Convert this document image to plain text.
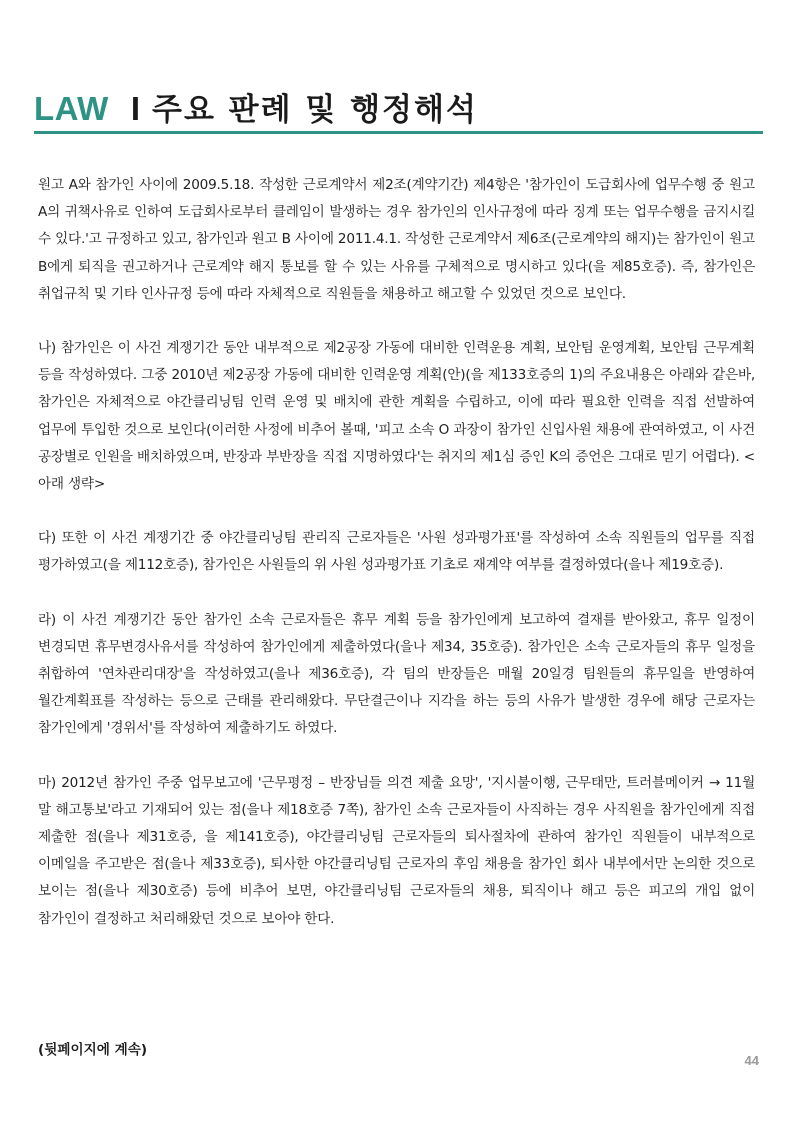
LAW I 주요 판례 및 행정해석

원고 A와 참가인 사이에 2009.5.18. 작성한 근로계약서 제2조(계약기간) 제4항은 '참가인이 도급회사에 업무수행 중 원고 A의 귀책사유로 인하여 도급회사로부터 클레임이 발생하는 경우 참가인의 인사규정에 따라 징계 또는 업무수행을 금지시킬 수 있다.'고 규정하고 있고, 참가인과 원고 B 사이에 2011.4.1. 작성한 근로계약서 제6조(근로계약의 해지)는 참가인이 원고 B에게 퇴직을 권고하거나 근로계약 해지 통보를 할 수 있는 사유를 구체적으로 명시하고 있다(을 제85호증). 즉, 참가인은 취업규칙 및 기타 인사규정 등에 따라 자체적으로 직원들을 채용하고 해고할 수 있었던 것으로 보인다.

나) 참가인은 이 사건 계쟁기간 동안 내부적으로 제2공장 가동에 대비한 인력운용 계획, 보안팀 운영계획, 보안팀 근무계획 등을 작성하였다. 그중 2010년 제2공장 가동에 대비한 인력운영 계획(안)(을 제133호증의 1)의 주요내용은 아래와 같은바, 참가인은 자체적으로 야간클리닝팀 인력 운영 및 배치에 관한 계획을 수립하고, 이에 따라 필요한 인력을 직접 선발하여 업무에 투입한 것으로 보인다(이러한 사정에 비추어 볼때, '피고 소속 O 과장이 참가인 신입사원 채용에 관여하였고, 이 사건 공장별로 인원을 배치하였으며, 반장과 부반장을 직접 지명하였다'는 취지의 제1심 증인 K의 증언은 그대로 믿기 어렵다). <아래 생략>

다) 또한 이 사건 계쟁기간 중 야간클리닝팀 관리직 근로자들은 '사원 성과평가표'를 작성하여 소속 직원들의 업무를 직접 평가하였고(을 제112호증), 참가인은 사원들의 위 사원 성과평가표 기초로 재계약 여부를 결정하였다(을나 제19호증).

라) 이 사건 계쟁기간 동안 참가인 소속 근로자들은 휴무 계획 등을 참가인에게 보고하여 결재를 받아왔고, 휴무 일정이 변경되면 휴무변경사유서를 작성하여 참가인에게 제출하였다(을나 제34, 35호증). 참가인은 소속 근로자들의 휴무 일정을 취합하여 '연차관리대장'을 작성하였고(을나 제36호증), 각 팀의 반장들은 매월 20일경 팀원들의 휴무일을 반영하여 월간계획표를 작성하는 등으로 근태를 관리해왔다. 무단결근이나 지각을 하는 등의 사유가 발생한 경우에 해당 근로자는 참가인에게 '경위서'를 작성하여 제출하기도 하였다.

마) 2012년 참가인 주중 업무보고에 '근무평정 – 반장님들 의견 제출 요망', '지시불이행, 근무태만, 트러블메이커 → 11월 말 해고통보'라고 기재되어 있는 점(을나 제18호증 7쪽), 참가인 소속 근로자들이 사직하는 경우 사직원을 참가인에게 직접 제출한 점(을나 제31호증, 을 제141호증), 야간클리닝팀 근로자들의 퇴사절차에 관하여 참가인 직원들이 내부적으로 이메일을 주고받은 점(을나 제33호증), 퇴사한 야간클리닝팀 근로자의 후임 채용을 참가인 회사 내부에서만 논의한 것으로 보이는 점(을나 제30호증) 등에 비추어 보면, 야간클리닝팀 근로자들의 채용, 퇴직이나 해고 등은 피고의 개입 없이 참가인이 결정하고 처리해왔던 것으로 보아야 한다.

(뒷페이지에 계속)
44
